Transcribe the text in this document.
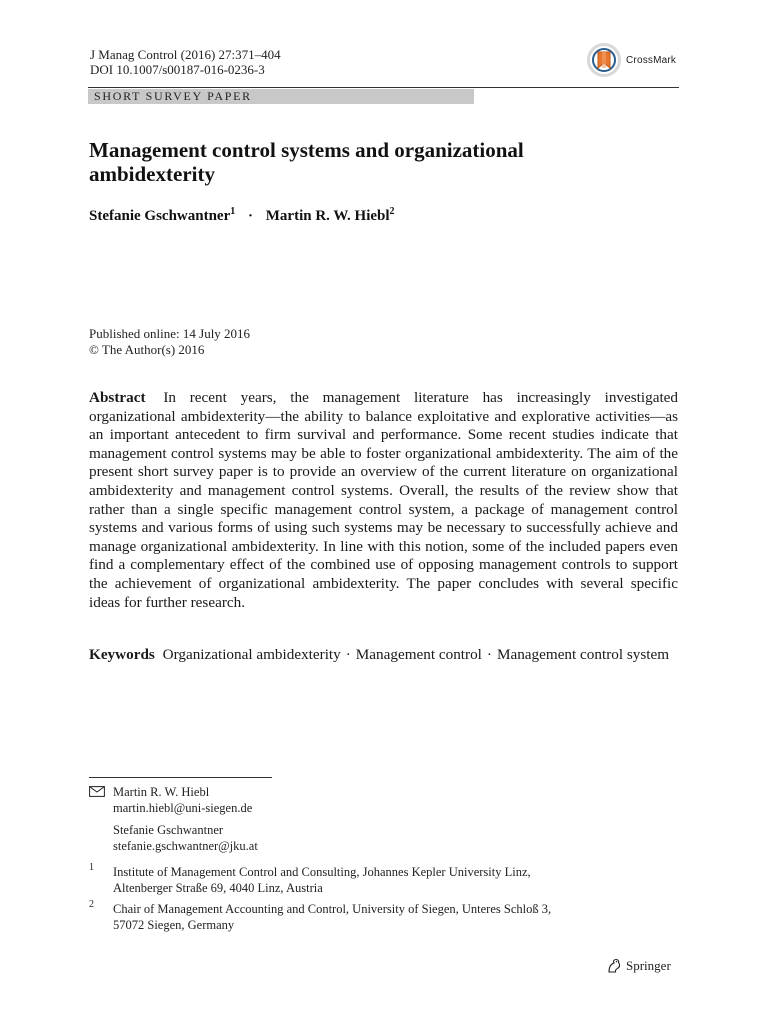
J Manag Control (2016) 27:371–404
DOI 10.1007/s00187-016-0236-3
CrossMark
SHORT SURVEY PAPER
Management control systems and organizational
ambidexterity
Stefanie Gschwantner$^1$ · Martin R. W. Hiebl$^2$
Published online: 14 July 2016
© The Author(s) 2016

Abstract In recent years, the management literature has increasingly investigated organizational ambidexterity—the ability to balance exploitative and explorative activities—as an important antecedent to firm survival and performance. Some recent studies indicate that management control systems may be able to foster organizational ambidexterity. The aim of the present short survey paper is to provide an overview of the current literature on organizational ambidexterity and management control systems. Overall, the results of the review show that rather than a single specific management control system, a package of management control systems and various forms of using such systems may be necessary to successfully achieve and manage organizational ambidexterity. In line with this notion, some of the included papers even find a complementary effect of the combined use of opposing management controls to support the achievement of organizational ambidexterity. The paper concludes with several specific ideas for further research.

Keywords Organizational ambidexterity · Management control · Management control system

Martin R. W. Hiebl
martin.hiebl@uni-siegen.de
Stefanie Gschwantner
stefanie.gschwantner@jku.at
1 Institute of Management Control and Consulting, Johannes Kepler University Linz,
Altenberger Straße 69, 4040 Linz, Austria
2 Chair of Management Accounting and Control, University of Siegen, Unteres Schloß 3,
57072 Siegen, Germany
Springer
